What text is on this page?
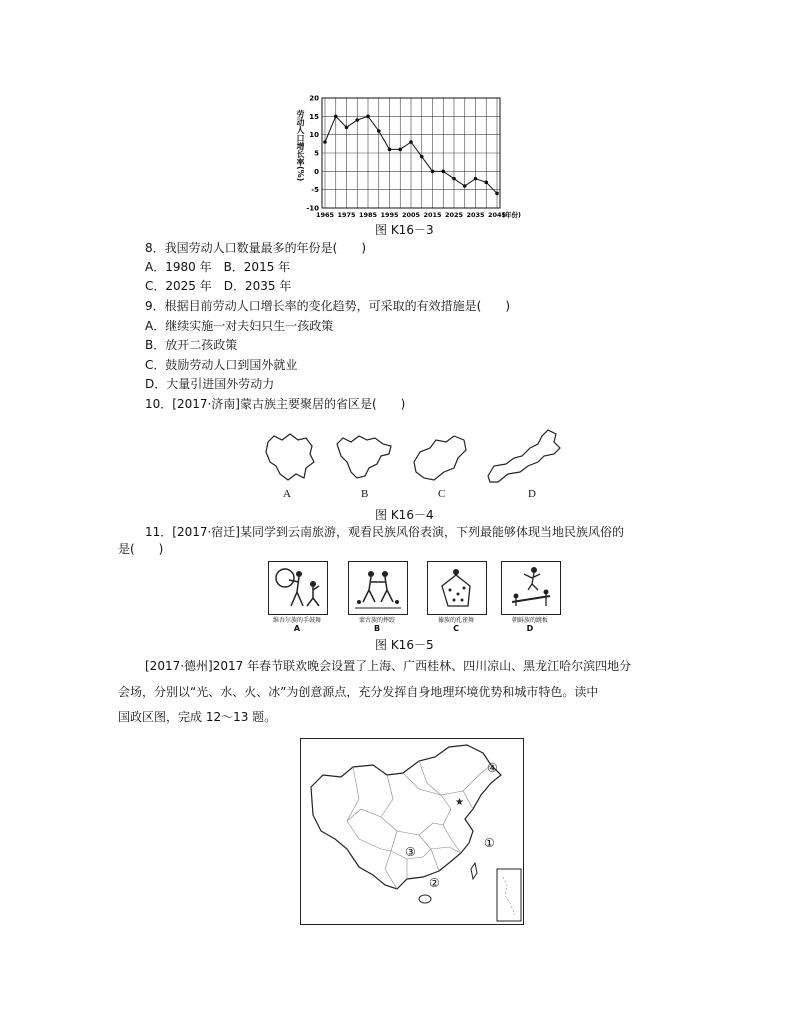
劳动人口增长率(%)
20
15
10
5
0
-5
-10
1965 1975 1985 1995 2005 2015 2025 2035 2045
(年份)
图 K16－3
8．我国劳动人口数量最多的年份是(　　)
A．1980 年　B．2015 年
C．2025 年　D．2035 年
9．根据目前劳动人口增长率的变化趋势，可采取的有效措施是(　　)
A．继续实施一对夫妇只生一孩政策
B．放开二孩政策
C．鼓励劳动人口到国外就业
D．大量引进国外劳动力
10．[2017·济南]蒙古族主要聚居的省区是(　　)
A	B	C	D
图 K16－4
11．[2017·宿迁]某同学到云南旅游，观看民族风俗表演，下列最能够体现当地民族风俗的
是(　　)
维吾尔族的手鼓舞	蒙古族的摔跤	傣族的孔雀舞	朝鲜族的跳板
A	B	C	D
图 K16－5
[2017·德州]2017 年春节联欢晚会设置了上海、广西桂林、四川凉山、黑龙江哈尔滨四地分
会场，分别以“光、水、火、冰”为创意源点，充分发挥自身地理环境优势和城市特色。读中
国政区图，完成 12～13 题。
★
①
②
③
④
